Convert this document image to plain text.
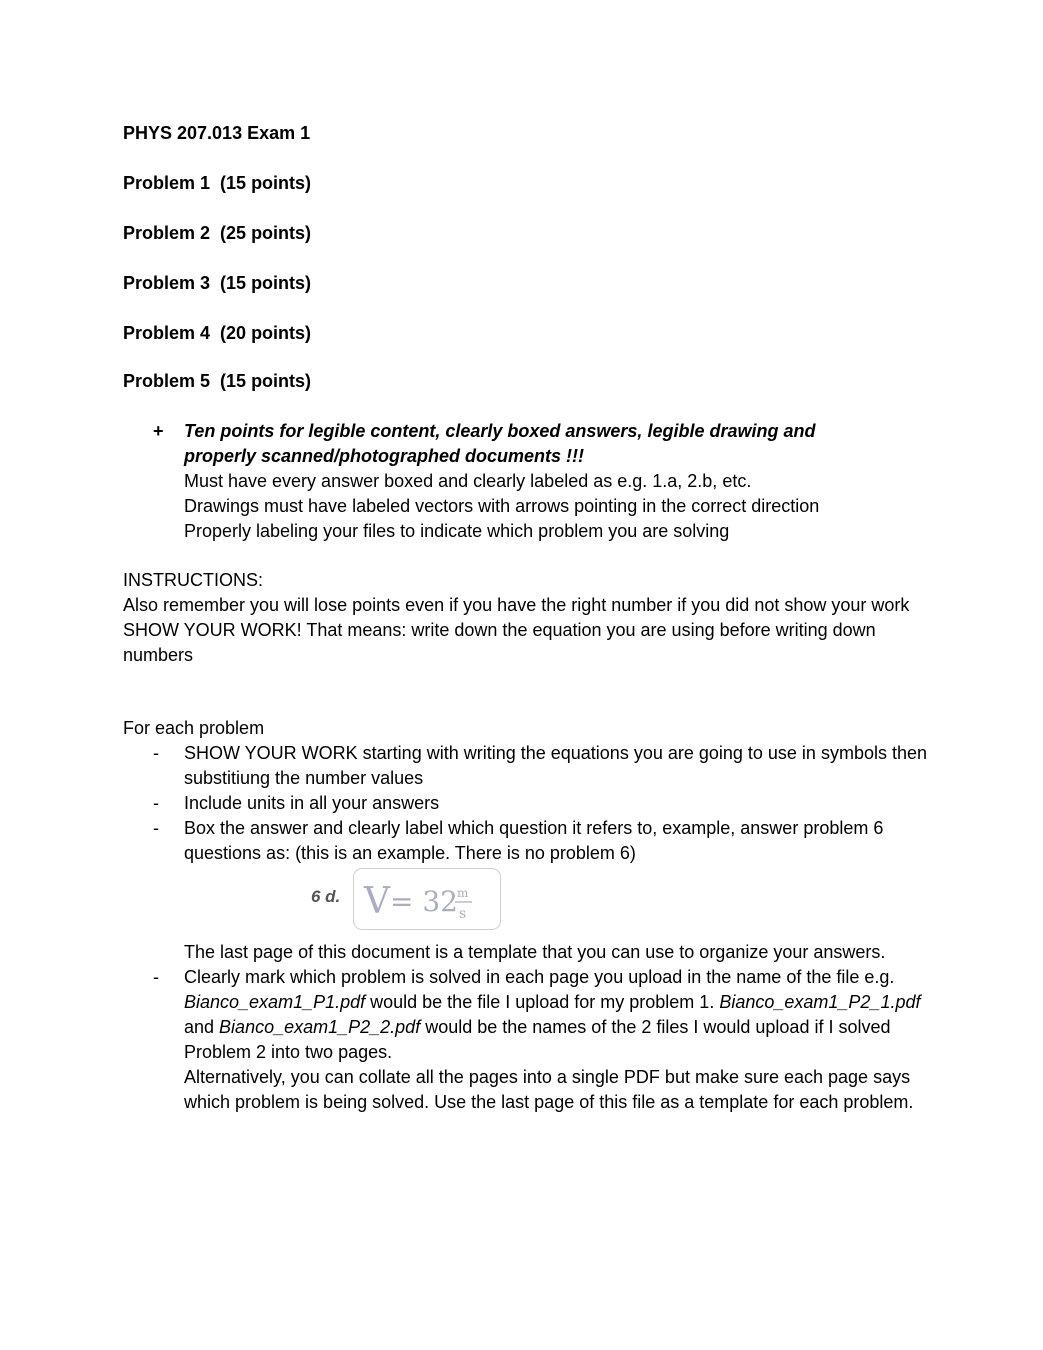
PHYS 207.013 Exam 1
Problem 1 (15 points)
Problem 2 (25 points)
Problem 3 (15 points)
Problem 4 (20 points)
Problem 5 (15 points)
+ Ten points for legible content, clearly boxed answers, legible drawing and properly scanned/photographed documents !!!
Must have every answer boxed and clearly labeled as e.g. 1.a, 2.b, etc.
Drawings must have labeled vectors with arrows pointing in the correct direction
Properly labeling your files to indicate which problem you are solving
INSTRUCTIONS:
Also remember you will lose points even if you have the right number if you did not show your work
SHOW YOUR WORK! That means: write down the equation you are using before writing down numbers
For each problem
- SHOW YOUR WORK starting with writing the equations you are going to use in symbols then substitiung the number values
- Include units in all your answers
- Box the answer and clearly label which question it refers to, example, answer problem 6 questions as: (this is an example. There is no problem 6)
6 d. V = 32 m
s
The last page of this document is a template that you can use to organize your answers.
- Clearly mark which problem is solved in each page you upload in the name of the file e.g. Bianco_exam1_P1.pdf would be the file I upload for my problem 1. Bianco_exam1_P2_1.pdf and Bianco_exam1_P2_2.pdf would be the names of the 2 files I would upload if I solved Problem 2 into two pages.
Alternatively, you can collate all the pages into a single PDF but make sure each page says which problem is being solved. Use the last page of this file as a template for each problem.
